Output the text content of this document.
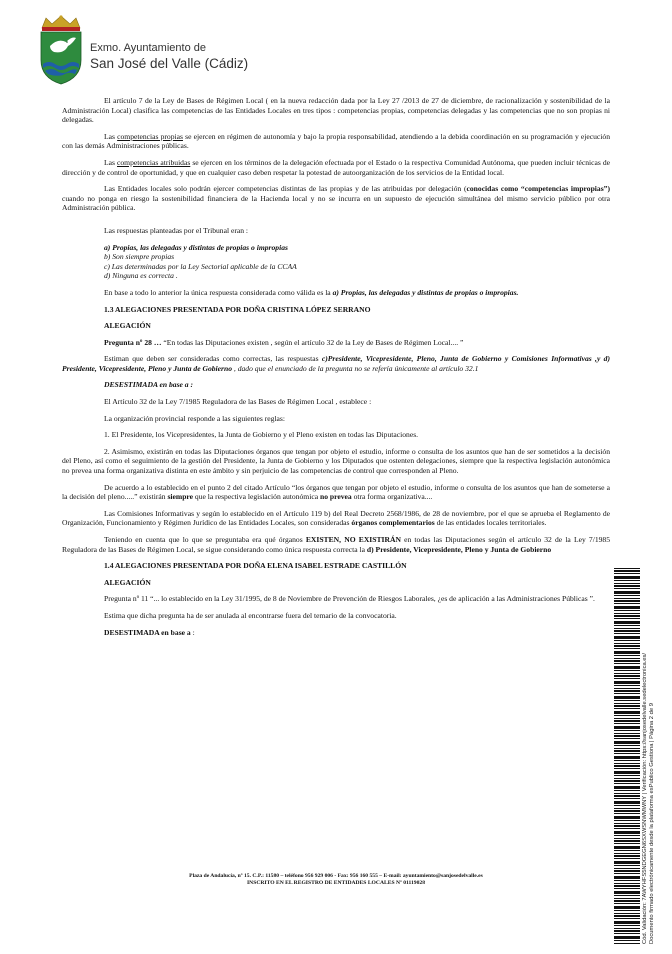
Exmo. Ayuntamiento de
San José del Valle (Cádiz)

El artículo 7 de la Ley de Bases de Régimen Local ( en la nueva redacción dada por la Ley 27 /2013 de 27 de diciembre, de racionalización y sostenibilidad de la Administración Local) clasifica las competencias de las Entidades Locales en tres tipos : competencias propias, competencias delegadas y las competencias que no son propias ni delegadas.

Las competencias propias se ejercen en régimen de autonomía y bajo la propia responsabilidad, atendiendo a la debida coordinación en su programación y ejecución con las demás Administraciones públicas.

Las competencias atribuidas se ejercen en los términos de la delegación efectuada por el Estado o la respectiva Comunidad Autónoma, que pueden incluir técnicas de dirección y de control de oportunidad, y que en cualquier caso deben respetar la potestad de autoorganización de los servicios de la Entidad local.

Las Entidades locales solo podrán ejercer competencias distintas de las propias y de las atribuidas por delegación (conocidas como “competencias impropias”) cuando no ponga en riesgo la sostenibilidad financiera de la Hacienda local y no se incurra en un supuesto de ejecución simultánea del mismo servicio público por otra Administración pública.

Las respuestas planteadas por el Tribunal eran :

a) Propias, las delegadas y distintas de propias o impropias
b) Son siempre propias
c) Las determinadas por la Ley Sectorial aplicable de la CCAA
d) Ninguna es correcta .

En base a todo lo anterior la única respuesta considerada como válida es la a) Propias, las delegadas y distintas de propias o impropias.

1.3 ALEGACIONES PRESENTADA POR DOÑA CRISTINA LÓPEZ SERRANO

ALEGACIÓN

Pregunta nº 28 … “En todas las Diputaciones existen , según el artículo 32 de la Ley de Bases de Régimen Local.... ”

Estiman que deben ser consideradas como correctas, las respuestas c)Presidente, Vicepresidente, Pleno, Junta de Gobierno y Comisiones Informativas ,y d) Presidente, Vicepresidente, Pleno y Junta de Gobierno , dado que el enunciado de la pregunta no se refería únicamente al artículo 32.1

DESESTIMADA en base a :

El Artículo 32 de la Ley 7/1985 Reguladora de las Bases de Régimen Local , establece :

La organización provincial responde a las siguientes reglas:

1. El Presidente, los Vicepresidentes, la Junta de Gobierno y el Pleno existen en todas las Diputaciones.

2. Asimismo, existirán en todas las Diputaciones órganos que tengan por objeto el estudio, informe o consulta de los asuntos que han de ser sometidos a la decisión del Pleno, así como el seguimiento de la gestión del Presidente, la Junta de Gobierno y los Diputados que ostenten delegaciones, siempre que la respectiva legislación autonómica no prevea una forma organizativa distinta en este ámbito y sin perjuicio de las competencias de control que corresponden al Pleno.

De acuerdo a lo establecido en el punto 2 del citado Artículo “los órganos que tengan por objeto el estudio, informe o consulta de los asuntos que han de someterse a la decisión del pleno.....” existirán siempre que la respectiva legislación autonómica no prevea otra forma organizativa....

Las Comisiones Informativas y según lo establecido en el Artículo 119 b) del Real Decreto 2568/1986, de 28 de noviembre, por el que se aprueba el Reglamento de Organización, Funcionamiento y Régimen Jurídico de las Entidades Locales, son consideradas órganos complementarios de las entidades locales territoriales.

Teniendo en cuenta que lo que se preguntaba era qué órganos EXISTEN, NO EXISTIRÁN en todas las Diputaciones según el artículo 32 de la Ley 7/1985 Reguladora de las Bases de Régimen Local, se sigue considerando como única respuesta correcta la d) Presidente, Vicepresidente, Pleno y Junta de Gobierno

1.4 ALEGACIONES PRESENTADA POR DOÑA ELENA ISABEL ESTRADE CASTILLÓN

ALEGACIÓN

Pregunta nº 11 “... lo establecido en la Ley 31/1995, de 8 de Noviembre de Prevención de Riesgos Laborales, ¿es de aplicación a las Administraciones Públicas ”.

Estima que dicha pregunta ha de ser anulada al encontrarse fuera del temario de la convocatoria.

DESESTIMADA en base a :

Plaza de Andalucía, nº 15. C.P.: 11580 – teléfono 956 929 006 - Fax: 956 160 555 – E-mail: ayuntamiento@sanjosedelvalle.es
INSCRITO EN EL REGISTRO DE ENTIDADES LOCALES Nº 01119028	Cód. Validación: 7AWYHFS5NDGEGN6SXWSNWMWNY | Verificación: https://sanjosedelvalle.sedelectronica.es/ Documento firmado electrónicamente desde la plataforma esPublico Gestiona | Página 2 de 9
